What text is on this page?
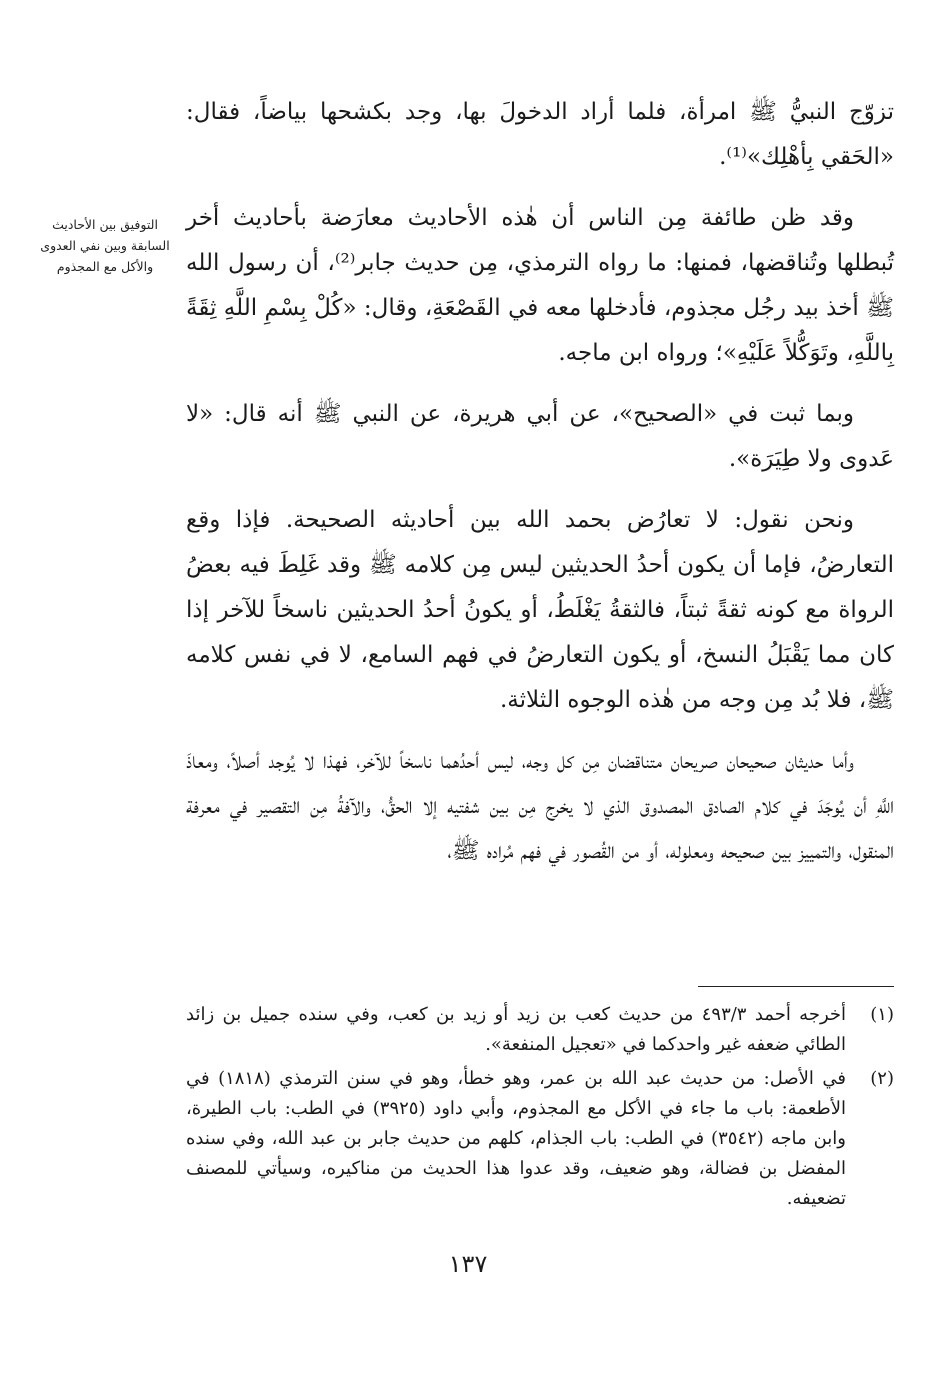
التوفيق بين الأحاديث السابقة وبين نفي العدوى والأكل مع المجذوم

تزوّج النبيُّ ﷺ امرأة، فلما أراد الدخولَ بها، وجد بكشحها بياضاً، فقال: «الحَقي بِأهْلِك»⁽¹⁾.

وقد ظن طائفة مِن الناس أن هٰذه الأحاديث معارَضة بأحاديث أخر تُبطلها وتُناقضها، فمنها: ما رواه الترمذي، مِن حديث جابر⁽²⁾، أن رسول الله ﷺ أخذ بيد رجُل مجذوم، فأدخلها معه في القَصْعَةِ، وقال: «كُلْ بِسْمِ اللَّهِ ثِقَةً بِاللَّهِ، وتَوَكُّلاً عَلَيْهِ»؛ ورواه ابن ماجه.

وبما ثبت في «الصحيح»، عن أبي هريرة، عن النبي ﷺ أنه قال: «لا عَدوى ولا طِيَرَة».

ونحن نقول: لا تعارُض بحمد الله بين أحاديثه الصحيحة. فإذا وقع التعارضُ، فإما أن يكون أحدُ الحديثين ليس مِن كلامه ﷺ وقد غَلِطَ فيه بعضُ الرواة مع كونه ثقةً ثبتاً، فالثقةُ يَغْلَطُ، أو يكونُ أحدُ الحديثين ناسخاً للآخر إذا كان مما يَقْبَلُ النسخ، أو يكون التعارضُ في فهم السامع، لا في نفس كلامه ﷺ، فلا بُد مِن وجه من هٰذه الوجوه الثلاثة.

وأما حديثان صحيحان صريحان متناقضان مِن كل وجه، ليس أحدُهما ناسخاً للآخر، فهذا لا يُوجد أصلاً، ومعاذَ اللَّهِ أن يُوجَدَ في كلام الصادق المصدوق الذي لا يخرج مِن بين شفتيه إلا الحقُّ، والآفةُ مِن التقصير في معرفة المنقول، والتمييز بين صحيحه ومعلوله، أو من القُصور في فهم مُراده ﷺ،

(١)
أخرجه أحمد ٤٩٣/٣ من حديث كعب بن زيد أو زيد بن كعب، وفي سنده جميل بن زائد الطائي ضعفه غير واحدكما في «تعجيل المنفعة».
(٢)
في الأصل: من حديث عبد الله بن عمر، وهو خطأ، وهو في سنن الترمذي (١٨١٨) في الأطعمة: باب ما جاء في الأكل مع المجذوم، وأبي داود (٣٩٢٥) في الطب: باب الطيرة، وابن ماجه (٣٥٤٢) في الطب: باب الجذام، كلهم من حديث جابر بن عبد الله، وفي سنده المفضل بن فضالة، وهو ضعيف، وقد عدوا هذا الحديث من مناكيره، وسيأتي للمصنف تضعيفه.
١٣٧
